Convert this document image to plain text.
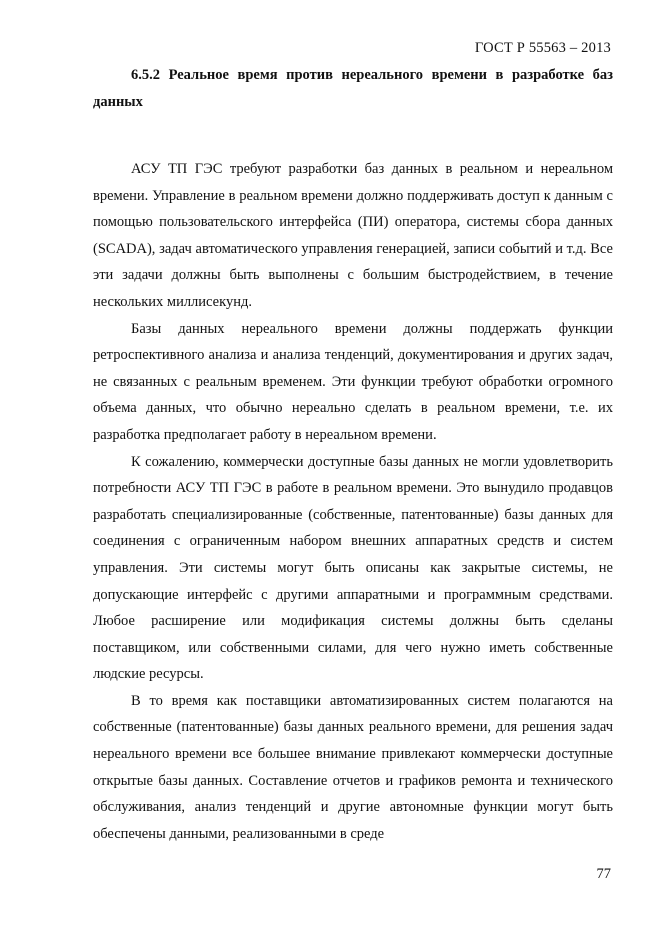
ГОСТ Р 55563 – 2013

6.5.2 Реальное время против нереального времени в разработке баз данных

АСУ ТП ГЭС требуют разработки баз данных в реальном и нереальном времени. Управление в реальном времени должно поддерживать доступ к данным с помощью пользовательского интерфейса (ПИ) оператора, системы сбора данных (SCADA), задач автоматического управления генерацией, записи событий и т.д. Все эти задачи должны быть выполнены с большим быстродействием, в течение нескольких миллисекунд.

Базы данных нереального времени должны поддержать функции ретроспективного анализа и анализа тенденций, документирования и других задач, не связанных с реальным временем. Эти функции требуют обработки огромного объема данных, что обычно нереально сделать в реальном времени, т.е. их разработка предполагает работу в нереальном времени.

К сожалению, коммерчески доступные базы данных не могли удовлетворить потребности АСУ ТП ГЭС в работе в реальном времени. Это вынудило продавцов разработать специализированные (собственные, патентованные) базы данных для соединения с ограниченным набором внешних аппаратных средств и систем управления. Эти системы могут быть описаны как закрытые системы, не допускающие интерфейс с другими аппаратными и программным средствами. Любое расширение или модификация системы должны быть сделаны поставщиком, или собственными силами, для чего нужно иметь собственные людские ресурсы.

В то время как поставщики автоматизированных систем полагаются на собственные (патентованные) базы данных реального времени, для решения задач нереального времени все большее внимание привлекают коммерчески доступные открытые базы данных. Составление отчетов и графиков ремонта и технического обслуживания, анализ тенденций и другие автономные функции могут быть обеспечены данными, реализованными в среде

77
